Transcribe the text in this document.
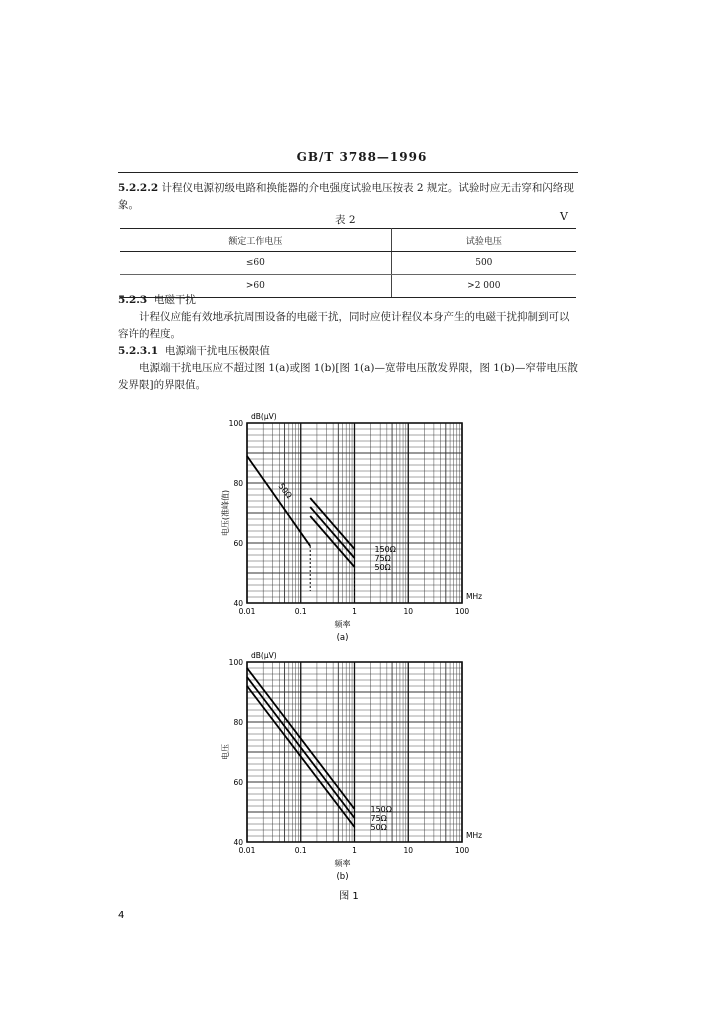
GB/T 3788—1996
5.2.2.2 计程仪电源初级电路和换能器的介电强度试验电压按表 2 规定。试验时应无击穿和闪络现象。
表 2	V
额定工作电压	试验电压
≤60	500
>60	>2 000
5.2.3 电磁干扰
计程仪应能有效地承抗周围设备的电磁干扰，同时应使计程仪本身产生的电磁干扰抑制到可以容许的程度。
5.2.3.1 电源端干扰电压极限值
电源端干扰电压应不超过图 1(a)或图 1(b)[图 1(a)—宽带电压散发界限，图 1(b)—窄带电压散发界限]的界限值。
50Ω
150Ω
75Ω
50Ω
100
80
60
40
0.01	0.1	1	10	100
dB(μV)
MHz
频率
(a)
电压(准峰值)
150Ω
75Ω
50Ω
100
80
60
40
0.01	0.1	1	10	100
dB(μV)
MHz
频率
(b)
电压
图 1
4
